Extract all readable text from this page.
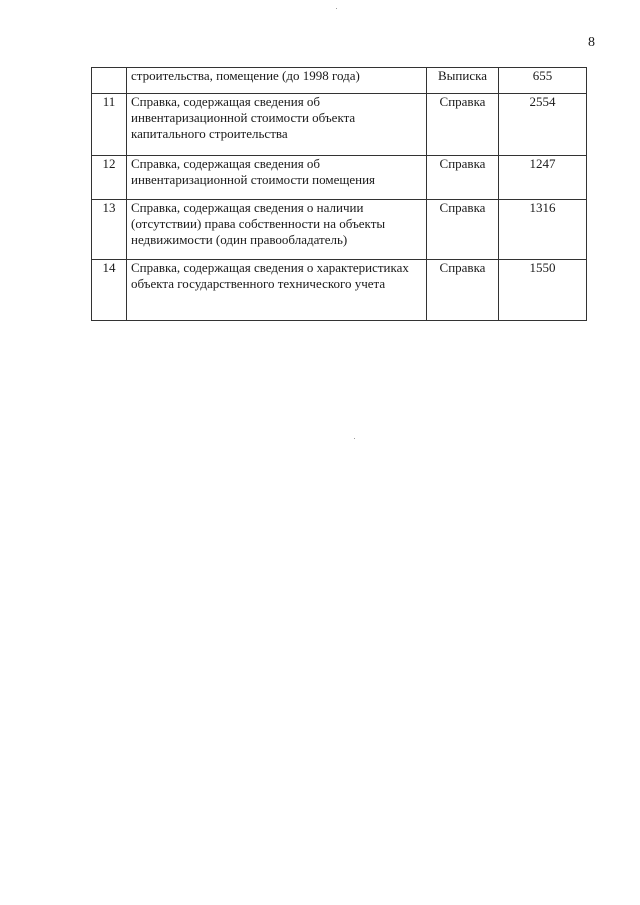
8
	строительства, помещение (до 1998 года)	Выписка	655
11	Справка, содержащая сведения об инвентаризационной стоимости объекта капитального строительства	Справка	2554
12	Справка, содержащая сведения об инвентаризационной стоимости помещения	Справка	1247
13	Справка, содержащая сведения о наличии (отсутствии) права собственности на объекты недвижимости (один правообладатель)	Справка	1316
14	Справка, содержащая сведения о характеристиках объекта государственного технического учета	Справка	1550
